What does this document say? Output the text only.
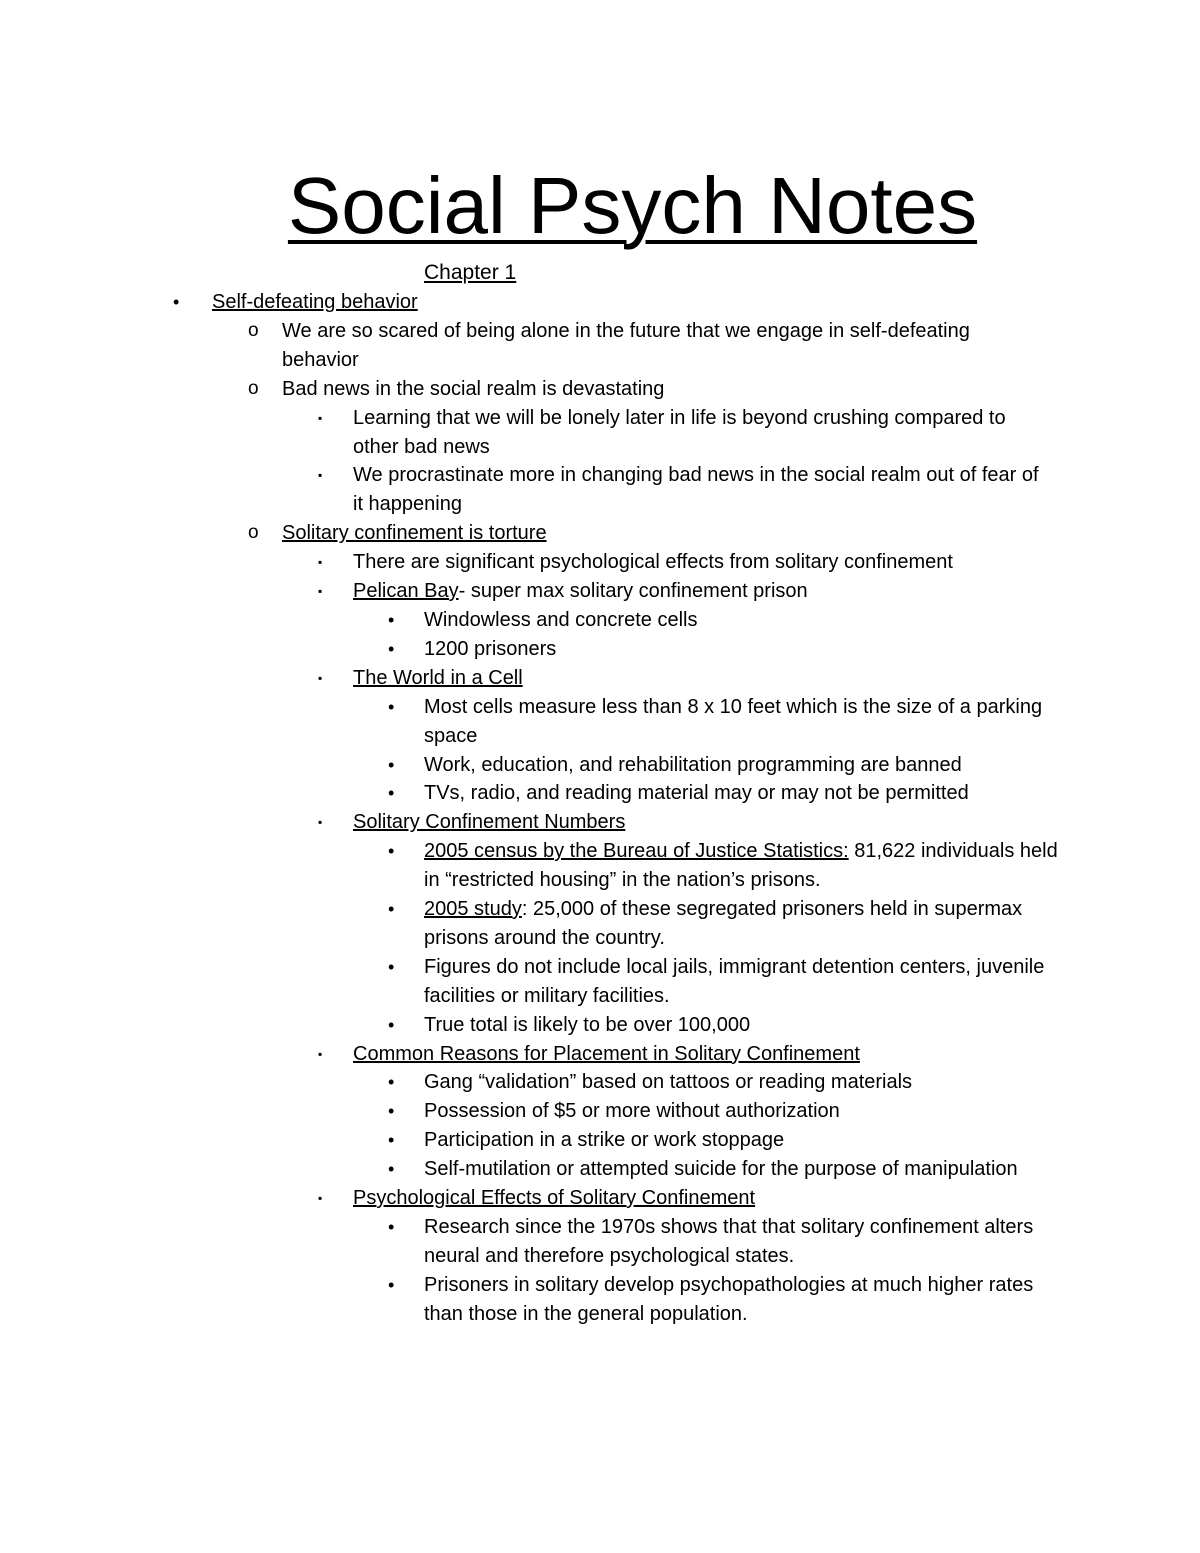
Social Psych Notes
Chapter 1
• Self-defeating behavior
o We are so scared of being alone in the future that we engage in self-defeating behavior
o Bad news in the social realm is devastating
▪ Learning that we will be lonely later in life is beyond crushing compared to other bad news
▪ We procrastinate more in changing bad news in the social realm out of fear of it happening
o Solitary confinement is torture
▪ There are significant psychological effects from solitary confinement
▪ Pelican Bay- super max solitary confinement prison
• Windowless and concrete cells
• 1200 prisoners
▪ The World in a Cell
• Most cells measure less than 8 x 10 feet which is the size of a parking space
• Work, education, and rehabilitation programming are banned
• TVs, radio, and reading material may or may not be permitted
▪ Solitary Confinement Numbers
• 2005 census by the Bureau of Justice Statistics: 81,622 individuals held in “restricted housing” in the nation’s prisons.
• 2005 study: 25,000 of these segregated prisoners held in supermax prisons around the country.
• Figures do not include local jails, immigrant detention centers, juvenile facilities or military facilities.
• True total is likely to be over 100,000
▪ Common Reasons for Placement in Solitary Confinement
• Gang “validation” based on tattoos or reading materials
• Possession of $5 or more without authorization
• Participation in a strike or work stoppage
• Self-mutilation or attempted suicide for the purpose of manipulation
▪ Psychological Effects of Solitary Confinement
• Research since the 1970s shows that that solitary confinement alters neural and therefore psychological states.
• Prisoners in solitary develop psychopathologies at much higher rates than those in the general population.
